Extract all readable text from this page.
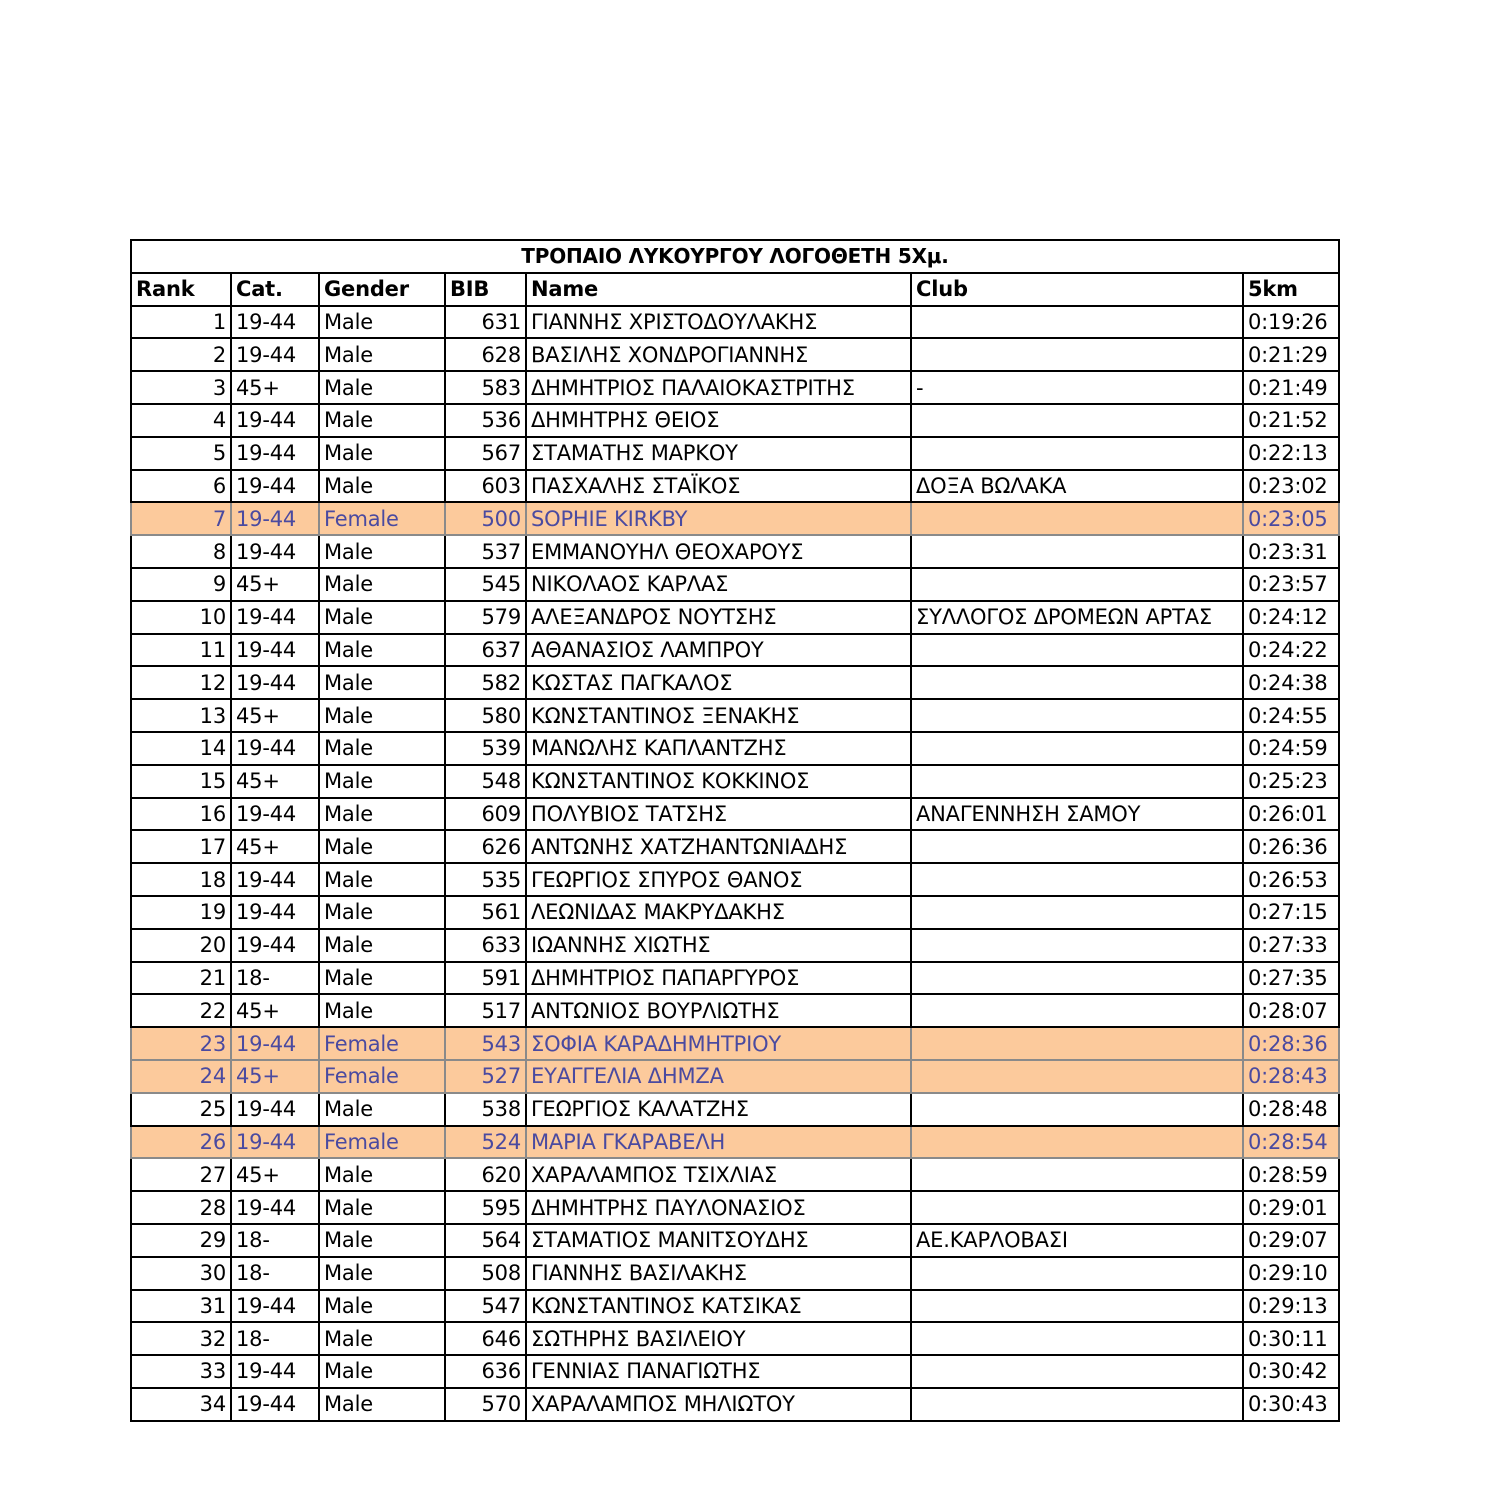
ΤΡΟΠΑΙΟ ΛΥΚΟΥΡΓΟΥ ΛΟΓΟΘΕΤΗ 5Χμ.						
Rank	Cat.	Gender	BIB	Name	Club	5km
1	19-44	Male	631	ΓΙΑΝΝΗΣ ΧΡΙΣΤΟΔΟΥΛΑΚΗΣ		0:19:26
2	19-44	Male	628	ΒΑΣΙΛΗΣ ΧΟΝΔΡΟΓΙΑΝΝΗΣ		0:21:29
3	45+	Male	583	ΔΗΜΗΤΡΙΟΣ ΠΑΛΑΙΟΚΑΣΤΡΙΤΗΣ	-	0:21:49
4	19-44	Male	536	ΔΗΜΗΤΡΗΣ ΘΕΙΟΣ		0:21:52
5	19-44	Male	567	ΣΤΑΜΑΤΗΣ ΜΑΡΚΟΥ		0:22:13
6	19-44	Male	603	ΠΑΣΧΑΛΗΣ ΣΤΑΪΚΟΣ	ΔΟΞΑ ΒΩΛΑΚΑ	0:23:02
7	19-44	Female	500	SOPHIE KIRKBY		0:23:05
8	19-44	Male	537	ΕΜΜΑΝΟΥΗΛ ΘΕΟΧΑΡΟΥΣ		0:23:31
9	45+	Male	545	ΝΙΚΟΛΑΟΣ ΚΑΡΛΑΣ		0:23:57
10	19-44	Male	579	ΑΛΕΞΑΝΔΡΟΣ ΝΟΥΤΣΗΣ	ΣΥΛΛΟΓΟΣ ΔΡΟΜΕΩΝ ΑΡΤΑΣ	0:24:12
11	19-44	Male	637	ΑΘΑΝΑΣΙΟΣ ΛΑΜΠΡΟΥ		0:24:22
12	19-44	Male	582	ΚΩΣΤΑΣ ΠΑΓΚΑΛΟΣ		0:24:38
13	45+	Male	580	ΚΩΝΣΤΑΝΤΙΝΟΣ ΞΕΝΑΚΗΣ		0:24:55
14	19-44	Male	539	ΜΑΝΩΛΗΣ ΚΑΠΛΑΝΤΖΗΣ		0:24:59
15	45+	Male	548	ΚΩΝΣΤΑΝΤΙΝΟΣ ΚΟΚΚΙΝΟΣ		0:25:23
16	19-44	Male	609	ΠΟΛΥΒΙΟΣ ΤΑΤΣΗΣ	ΑΝΑΓΕΝΝΗΣΗ ΣΑΜΟΥ	0:26:01
17	45+	Male	626	ΑΝΤΩΝΗΣ ΧΑΤΖΗΑΝΤΩΝΙΑΔΗΣ		0:26:36
18	19-44	Male	535	ΓΕΩΡΓΙΟΣ ΣΠΥΡΟΣ ΘΑΝΟΣ		0:26:53
19	19-44	Male	561	ΛΕΩΝΙΔΑΣ ΜΑΚΡΥΔΑΚΗΣ		0:27:15
20	19-44	Male	633	ΙΩΑΝΝΗΣ ΧΙΩΤΗΣ		0:27:33
21	18-	Male	591	ΔΗΜΗΤΡΙΟΣ ΠΑΠΑΡΓΥΡΟΣ		0:27:35
22	45+	Male	517	ΑΝΤΩΝΙΟΣ ΒΟΥΡΛΙΩΤΗΣ		0:28:07
23	19-44	Female	543	ΣΟΦΙΑ ΚΑΡΑΔΗΜΗΤΡΙΟΥ		0:28:36
24	45+	Female	527	ΕΥΑΓΓΕΛΙΑ ΔΗΜΖΑ		0:28:43
25	19-44	Male	538	ΓΕΩΡΓΙΟΣ ΚΑΛΑΤΖΗΣ		0:28:48
26	19-44	Female	524	ΜΑΡΙΑ ΓΚΑΡΑΒΕΛΗ		0:28:54
27	45+	Male	620	ΧΑΡΑΛΑΜΠΟΣ ΤΣΙΧΛΙΑΣ		0:28:59
28	19-44	Male	595	ΔΗΜΗΤΡΗΣ ΠΑΥΛΟΝΑΣΙΟΣ		0:29:01
29	18-	Male	564	ΣΤΑΜΑΤΙΟΣ ΜΑΝΙΤΣΟΥΔΗΣ	ΑΕ.ΚΑΡΛΟΒΑΣΙ	0:29:07
30	18-	Male	508	ΓΙΑΝΝΗΣ ΒΑΣΙΛΑΚΗΣ		0:29:10
31	19-44	Male	547	ΚΩΝΣΤΑΝΤΙΝΟΣ ΚΑΤΣΙΚΑΣ		0:29:13
32	18-	Male	646	ΣΩΤΗΡΗΣ ΒΑΣΙΛΕΙΟΥ		0:30:11
33	19-44	Male	636	ΓΕΝΝΙΑΣ ΠΑΝΑΓΙΩΤΗΣ		0:30:42
34	19-44	Male	570	ΧΑΡΑΛΑΜΠΟΣ ΜΗΛΙΩΤΟΥ		0:30:43
